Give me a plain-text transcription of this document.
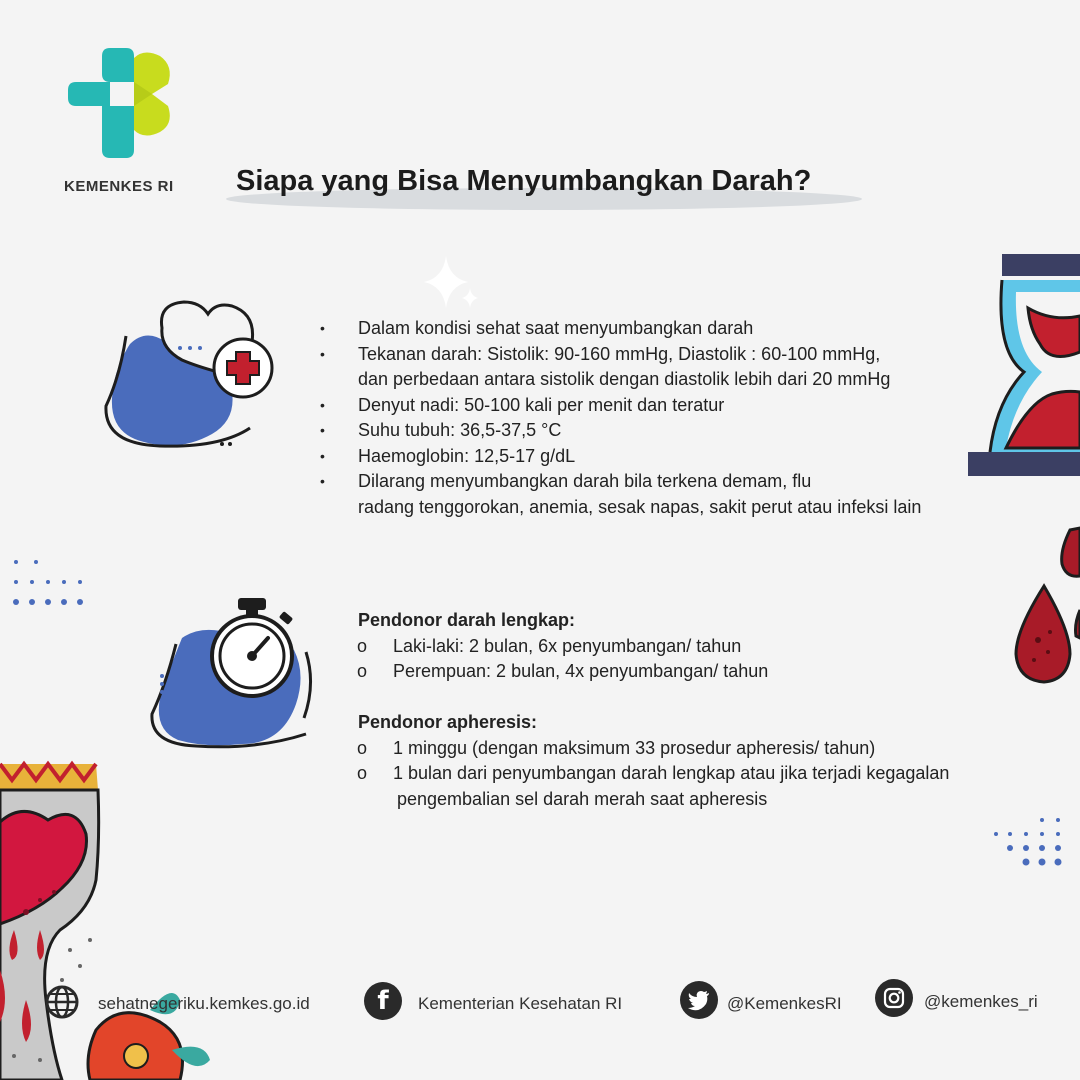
KEMENKES RI Siapa yang Bisa Menyumbangkan Darah?
•	Dalam kondisi sehat saat menyumbangkan darah
•	Tekanan darah: Sistolik: 90-160 mmHg, Diastolik : 60-100 mmHg,
dan perbedaan antara sistolik dengan diastolik lebih dari 20 mmHg
•	Denyut nadi: 50-100 kali per menit dan teratur
•	Suhu tubuh: 36,5-37,5 °C
•	Haemoglobin: 12,5-17 g/dL
•	Dilarang menyumbangkan darah bila terkena demam, flu
radang tenggorokan, anemia, sesak napas, sakit perut atau infeksi lain
Pendonor darah lengkap:
o	Laki-laki: 2 bulan, 6x penyumbangan/ tahun
o	Perempuan: 2 bulan, 4x penyumbangan/ tahun
Pendonor apheresis:
o	1 minggu (dengan maksimum 33 prosedur apheresis/ tahun)
o	1 bulan dari penyumbangan darah lengkap atau jika terjadi kegagalan
pengembalian sel darah merah saat apheresis
sehatnegeriku.kemkes.go.id	f	Kementerian Kesehatan RI	@KemenkesRI	@kemenkes_ri
